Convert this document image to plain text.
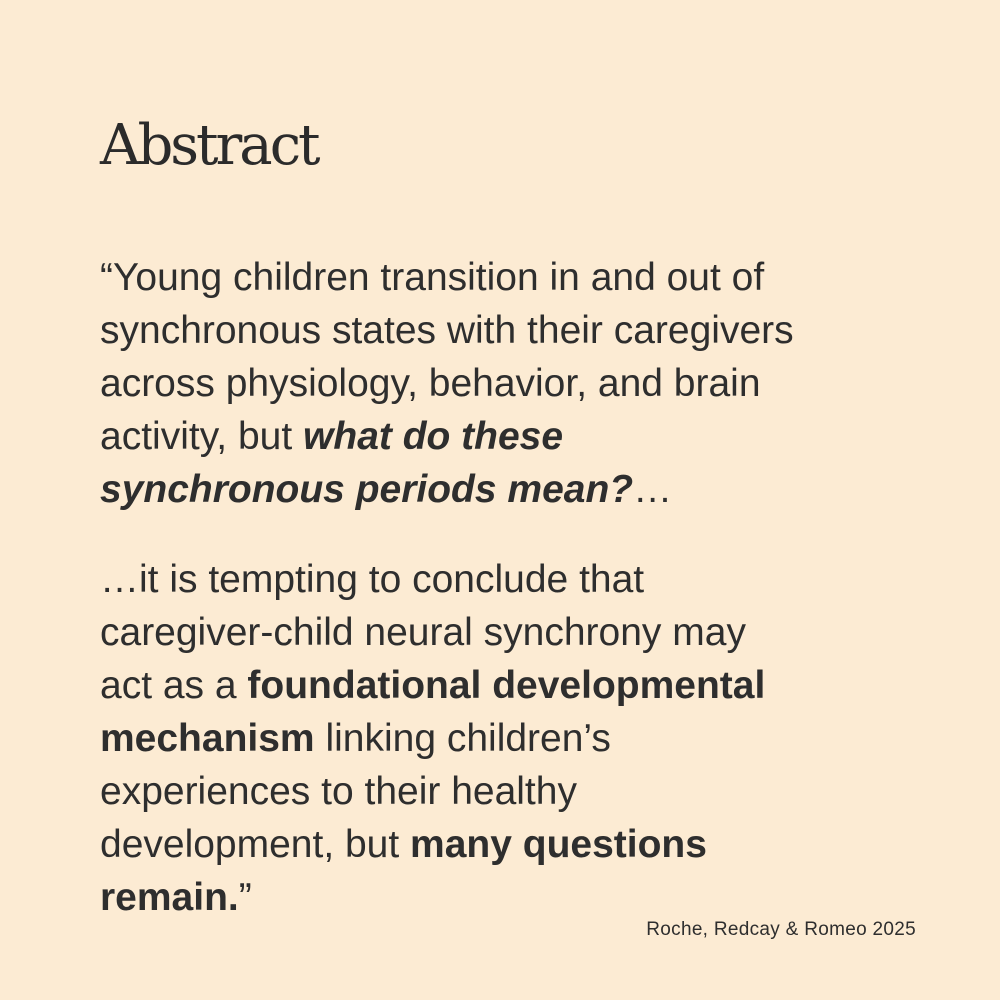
Abstract

“Young children transition in and out of
synchronous states with their caregivers
across physiology, behavior, and brain
activity, but what do these
synchronous periods mean?…

…it is tempting to conclude that
caregiver-child neural synchrony may
act as a foundational developmental
mechanism linking children’s
experiences to their healthy
development, but many questions
remain.”

Roche, Redcay & Romeo 2025
